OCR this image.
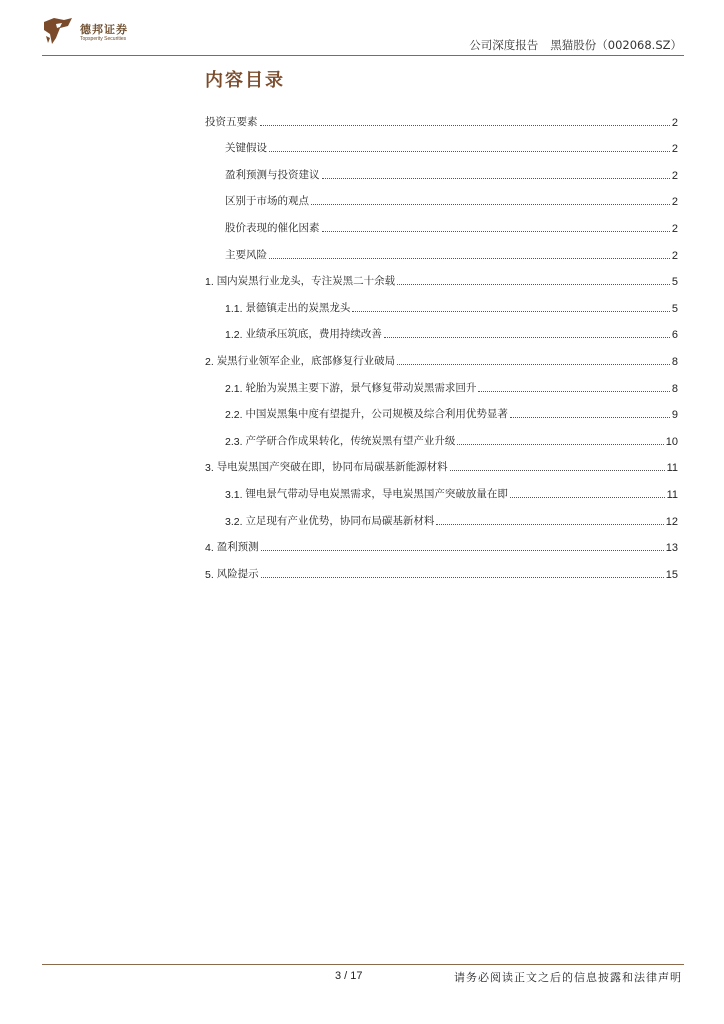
德邦证券
Topsperity Securities	公司深度报告 黑猫股份（002068.SZ）
内容目录
投资五要素	2
关键假设	2
盈利预测与投资建议	2
区别于市场的观点	2
股价表现的催化因素	2
主要风险	2
1. 国内炭黑行业龙头，专注炭黑二十余载	5
1.1. 景德镇走出的炭黑龙头	5
1.2. 业绩承压筑底，费用持续改善	6
2. 炭黑行业领军企业，底部修复行业破局	8
2.1. 轮胎为炭黑主要下游，景气修复带动炭黑需求回升	8
2.2. 中国炭黑集中度有望提升，公司规模及综合利用优势显著	9
2.3. 产学研合作成果转化，传统炭黑有望产业升级	10
3. 导电炭黑国产突破在即，协同布局碳基新能源材料	11
3.1. 锂电景气带动导电炭黑需求，导电炭黑国产突破放量在即	11
3.2. 立足现有产业优势，协同布局碳基新材料	12
4. 盈利预测	13
5. 风险提示	15
3 / 17	请务必阅读正文之后的信息披露和法律声明
